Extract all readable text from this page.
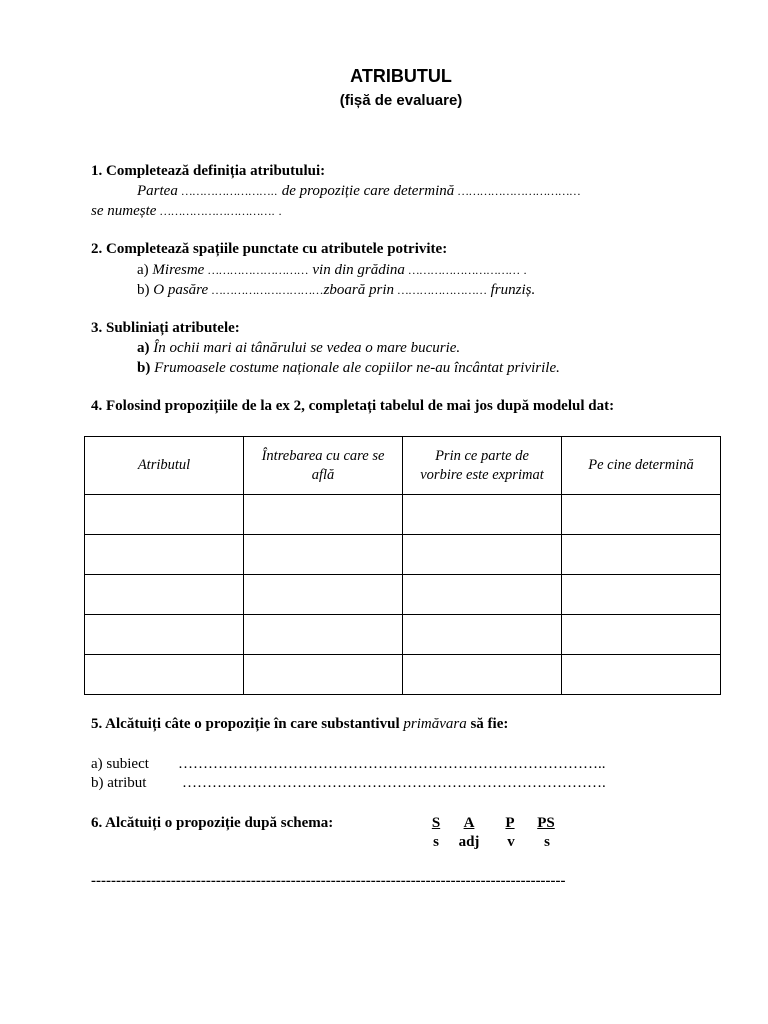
ATRIBUTUL
(fișă de evaluare)
1. Completează definiția atributului:
Partea …………………….. de propoziție care determină ……………………………
se numește …………………………. .
2. Completează spațiile punctate cu atributele potrivite:
a) Miresme ……………………… vin din grădina ………………………… .
b) O pasăre …………………………zboară prin …………………… frunziș.
3. Subliniați atributele:
a) În ochii mari ai tânărului se vedea o mare bucurie.
b) Frumoasele costume naționale ale copiilor ne-au încântat privirile.
4. Folosind propozițiile de la ex 2, completați tabelul de mai jos după modelul dat:
Atributul	Întrebarea cu care se află	Prin ce parte de vorbire este exprimat	Pe cine determină

5. Alcătuiți câte o propoziție în care substantivul primăvara să fie:
a) subiect …………………………………………………………………………..
b) atribut ………………………………………………………………………….
6. Alcătuiți o propoziție după schema:	S	A	P	PS
s	adj	v	s
-----------------------------------------------------------------------------------------------
